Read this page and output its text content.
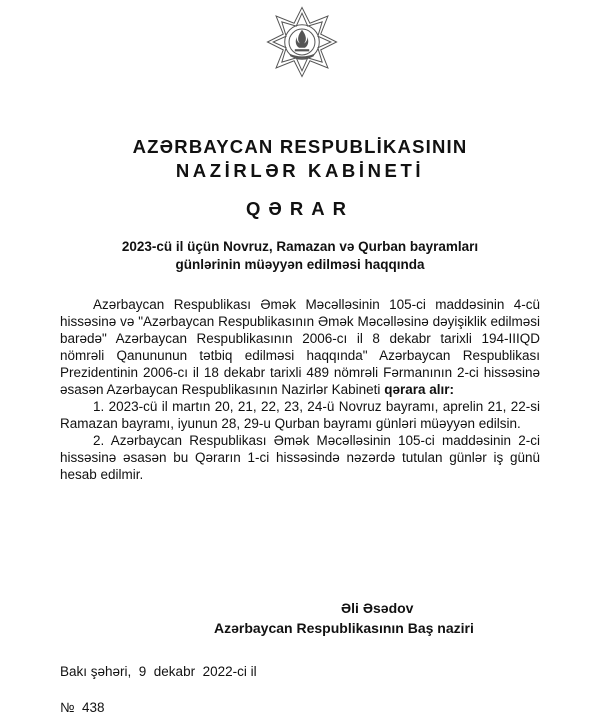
AZƏRBAYCAN RESPUBLİKASININ
NAZİRLƏR KABİNETİ
QƏRAR
2023-cü il üçün Novruz, Ramazan və Qurban bayramları
günlərinin müəyyən edilməsi haqqında

Azərbaycan Respublikası Əmək Məcəlləsinin 105-ci maddəsinin 4-cü hissəsinə və "Azərbaycan Respublikasının Əmək Məcəlləsinə dəyişiklik edilməsi barədə" Azərbaycan Respublikasının 2006-cı il 8 dekabr tarixli 194-IIIQD nömrəli Qanununun tətbiq edilməsi haqqında" Azərbaycan Respublikası Prezidentinin 2006-cı il 18 dekabr tarixli 489 nömrəli Fərmanının 2-ci hissəsinə əsasən Azərbaycan Respublikasının Nazirlər Kabineti qərara alır:

1. 2023-cü il martın 20, 21, 22, 23, 24-ü Novruz bayramı, aprelin 21, 22-si Ramazan bayramı, iyunun 28, 29-u Qurban bayramı günləri müəyyən edilsin.

2. Azərbaycan Respublikası Əmək Məcəlləsinin 105-ci maddəsinin 2-ci hissəsinə əsasən bu Qərarın 1-ci hissəsində nəzərdə tutulan günlər iş günü hesab edilmir.

Əli Əsədov
Azərbaycan Respublikasının Baş naziri
Bakı şəhəri,  9  dekabr  2022-ci il
№  438
